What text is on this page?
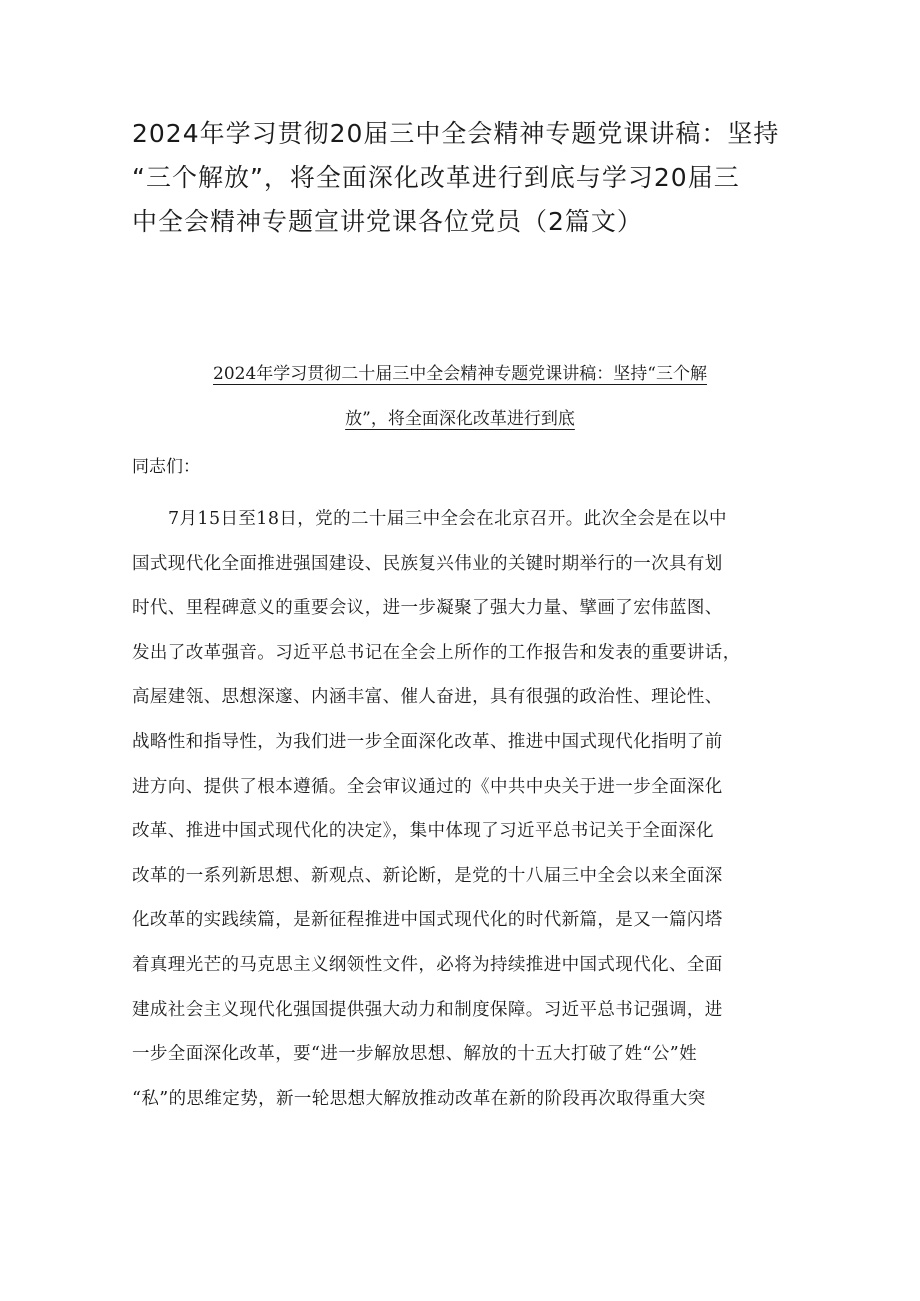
2024年学习贯彻20届三中全会精神专题党课讲稿：坚持
“三个解放”，将全面深化改革进行到底与学习20届三
中全会精神专题宣讲党课各位党员（2篇文）
2024年学习贯彻二十届三中全会精神专题党课讲稿：坚持“三个解
放”，将全面深化改革进行到底

同志们：

7月15日至18日，党的二十届三中全会在北京召开。此次全会是在以中
国式现代化全面推进强国建设、民族复兴伟业的关键时期举行的一次具有划
时代、里程碑意义的重要会议，进一步凝聚了强大力量、擘画了宏伟蓝图、
发出了改革强音。习近平总书记在全会上所作的工作报告和发表的重要讲话，
高屋建瓴、思想深邃、内涵丰富、催人奋进，具有很强的政治性、理论性、
战略性和指导性，为我们进一步全面深化改革、推进中国式现代化指明了前
进方向、提供了根本遵循。全会审议通过的《中共中央关于进一步全面深化
改革、推进中国式现代化的决定》，集中体现了习近平总书记关于全面深化
改革的一系列新思想、新观点、新论断，是党的十八届三中全会以来全面深
化改革的实践续篇，是新征程推进中国式现代化的时代新篇，是又一篇闪塔
着真理光芒的马克思主义纲领性文件，必将为持续推进中国式现代化、全面
建成社会主义现代化强国提供强大动力和制度保障。习近平总书记强调，进
一步全面深化改革，要“进一步解放思想、解放的十五大打破了姓“公”姓
“私”的思维定势，新一轮思想大解放推动改革在新的阶段再次取得重大突
